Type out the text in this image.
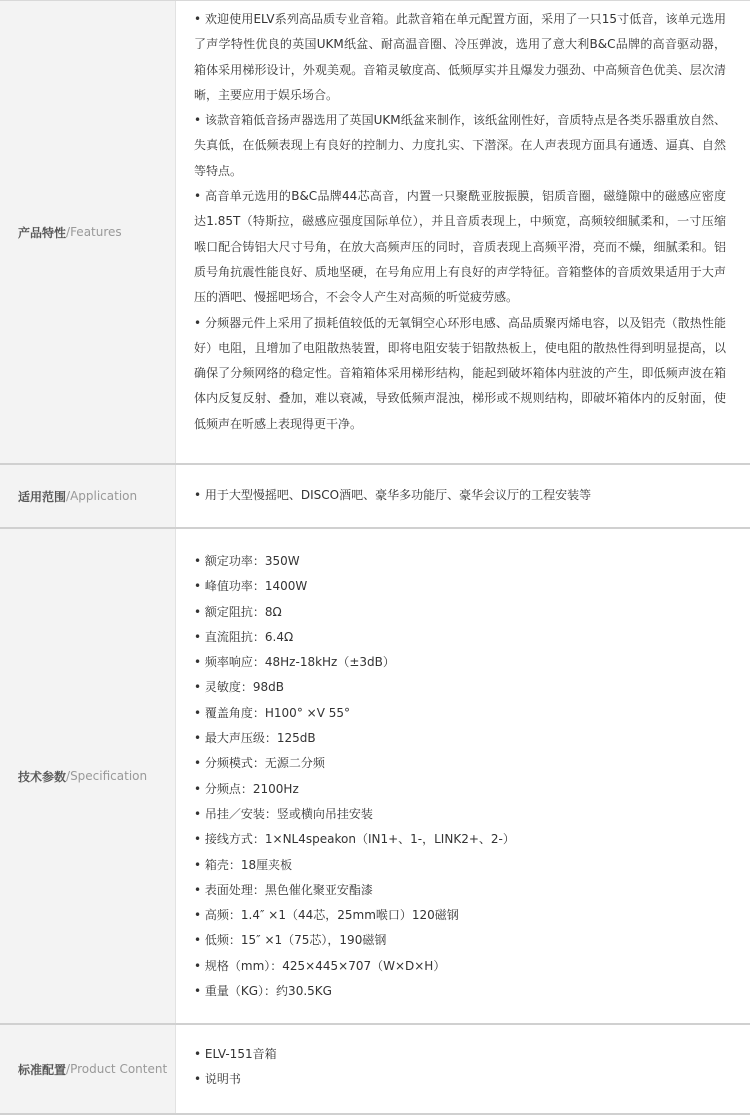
产品特性 / Features

• 欢迎使用ELV系列高品质专业音箱。此款音箱在单元配置方面，采用了一只15寸低音，该单元选用了声学特性优良的英国UKM纸盆、耐高温音圈、冷压弹波，选用了意大利B&C品牌的高音驱动器，箱体采用梯形设计，外观美观。音箱灵敏度高、低频厚实并且爆发力强劲、中高频音色优美、层次清晰，主要应用于娱乐场合。

• 该款音箱低音扬声器选用了英国UKM纸盆来制作，该纸盆刚性好，音质特点是各类乐器重放自然、失真低，在低频表现上有良好的控制力、力度扎实、下潜深。在人声表现方面具有通透、逼真、自然等特点。

• 高音单元选用的B&C品牌44芯高音，内置一只聚酰亚胺振膜，铝质音圈，磁缝隙中的磁感应密度达1.85T（特斯拉，磁感应强度国际单位），并且音质表现上，中频宽，高频较细腻柔和，一寸压缩喉口配合铸铝大尺寸号角，在放大高频声压的同时，音质表现上高频平滑，亮而不燥，细腻柔和。铝质号角抗震性能良好、质地坚硬，在号角应用上有良好的声学特征。音箱整体的音质效果适用于大声压的酒吧、慢摇吧场合，不会令人产生对高频的听觉疲劳感。

• 分频器元件上采用了损耗值较低的无氧铜空心环形电感、高品质聚丙烯电容，以及铝壳（散热性能好）电阻，且增加了电阻散热装置，即将电阻安装于铝散热板上，使电阻的散热性得到明显提高，以确保了分频网络的稳定性。音箱箱体采用梯形结构，能起到破坏箱体内驻波的产生，即低频声波在箱体内反复反射、叠加，难以衰减，导致低频声混浊，梯形或不规则结构，即破坏箱体内的反射面，使低频声在听感上表现得更干净。

适用范围 / Application	• 用于大型慢摇吧、DISCO酒吧、豪华多功能厅、豪华会议厅的工程安装等
技术参数 / Specification
• 额定功率：350W
• 峰值功率：1400W
• 额定阻抗：8Ω
• 直流阻抗：6.4Ω
• 频率响应：48Hz-18kHz（±3dB）
• 灵敏度：98dB
• 覆盖角度：H100° ×V 55°
• 最大声压级：125dB
• 分频模式：无源二分频
• 分频点：2100Hz
• 吊挂／安装：竖或横向吊挂安装
• 接线方式：1×NL4speakon（IN1+、1-，LINK2+、2-）
• 箱壳：18厘夹板
• 表面处理：黑色催化聚亚安酯漆
• 高频：1.4″ ×1（44芯，25mm喉口）120磁钢
• 低频：15″ ×1（75芯），190磁钢
• 规格（mm）：425×445×707（W×D×H）
• 重量（KG）：约30.5KG
标准配置 / Product Content
• ELV-151音箱
• 说明书
